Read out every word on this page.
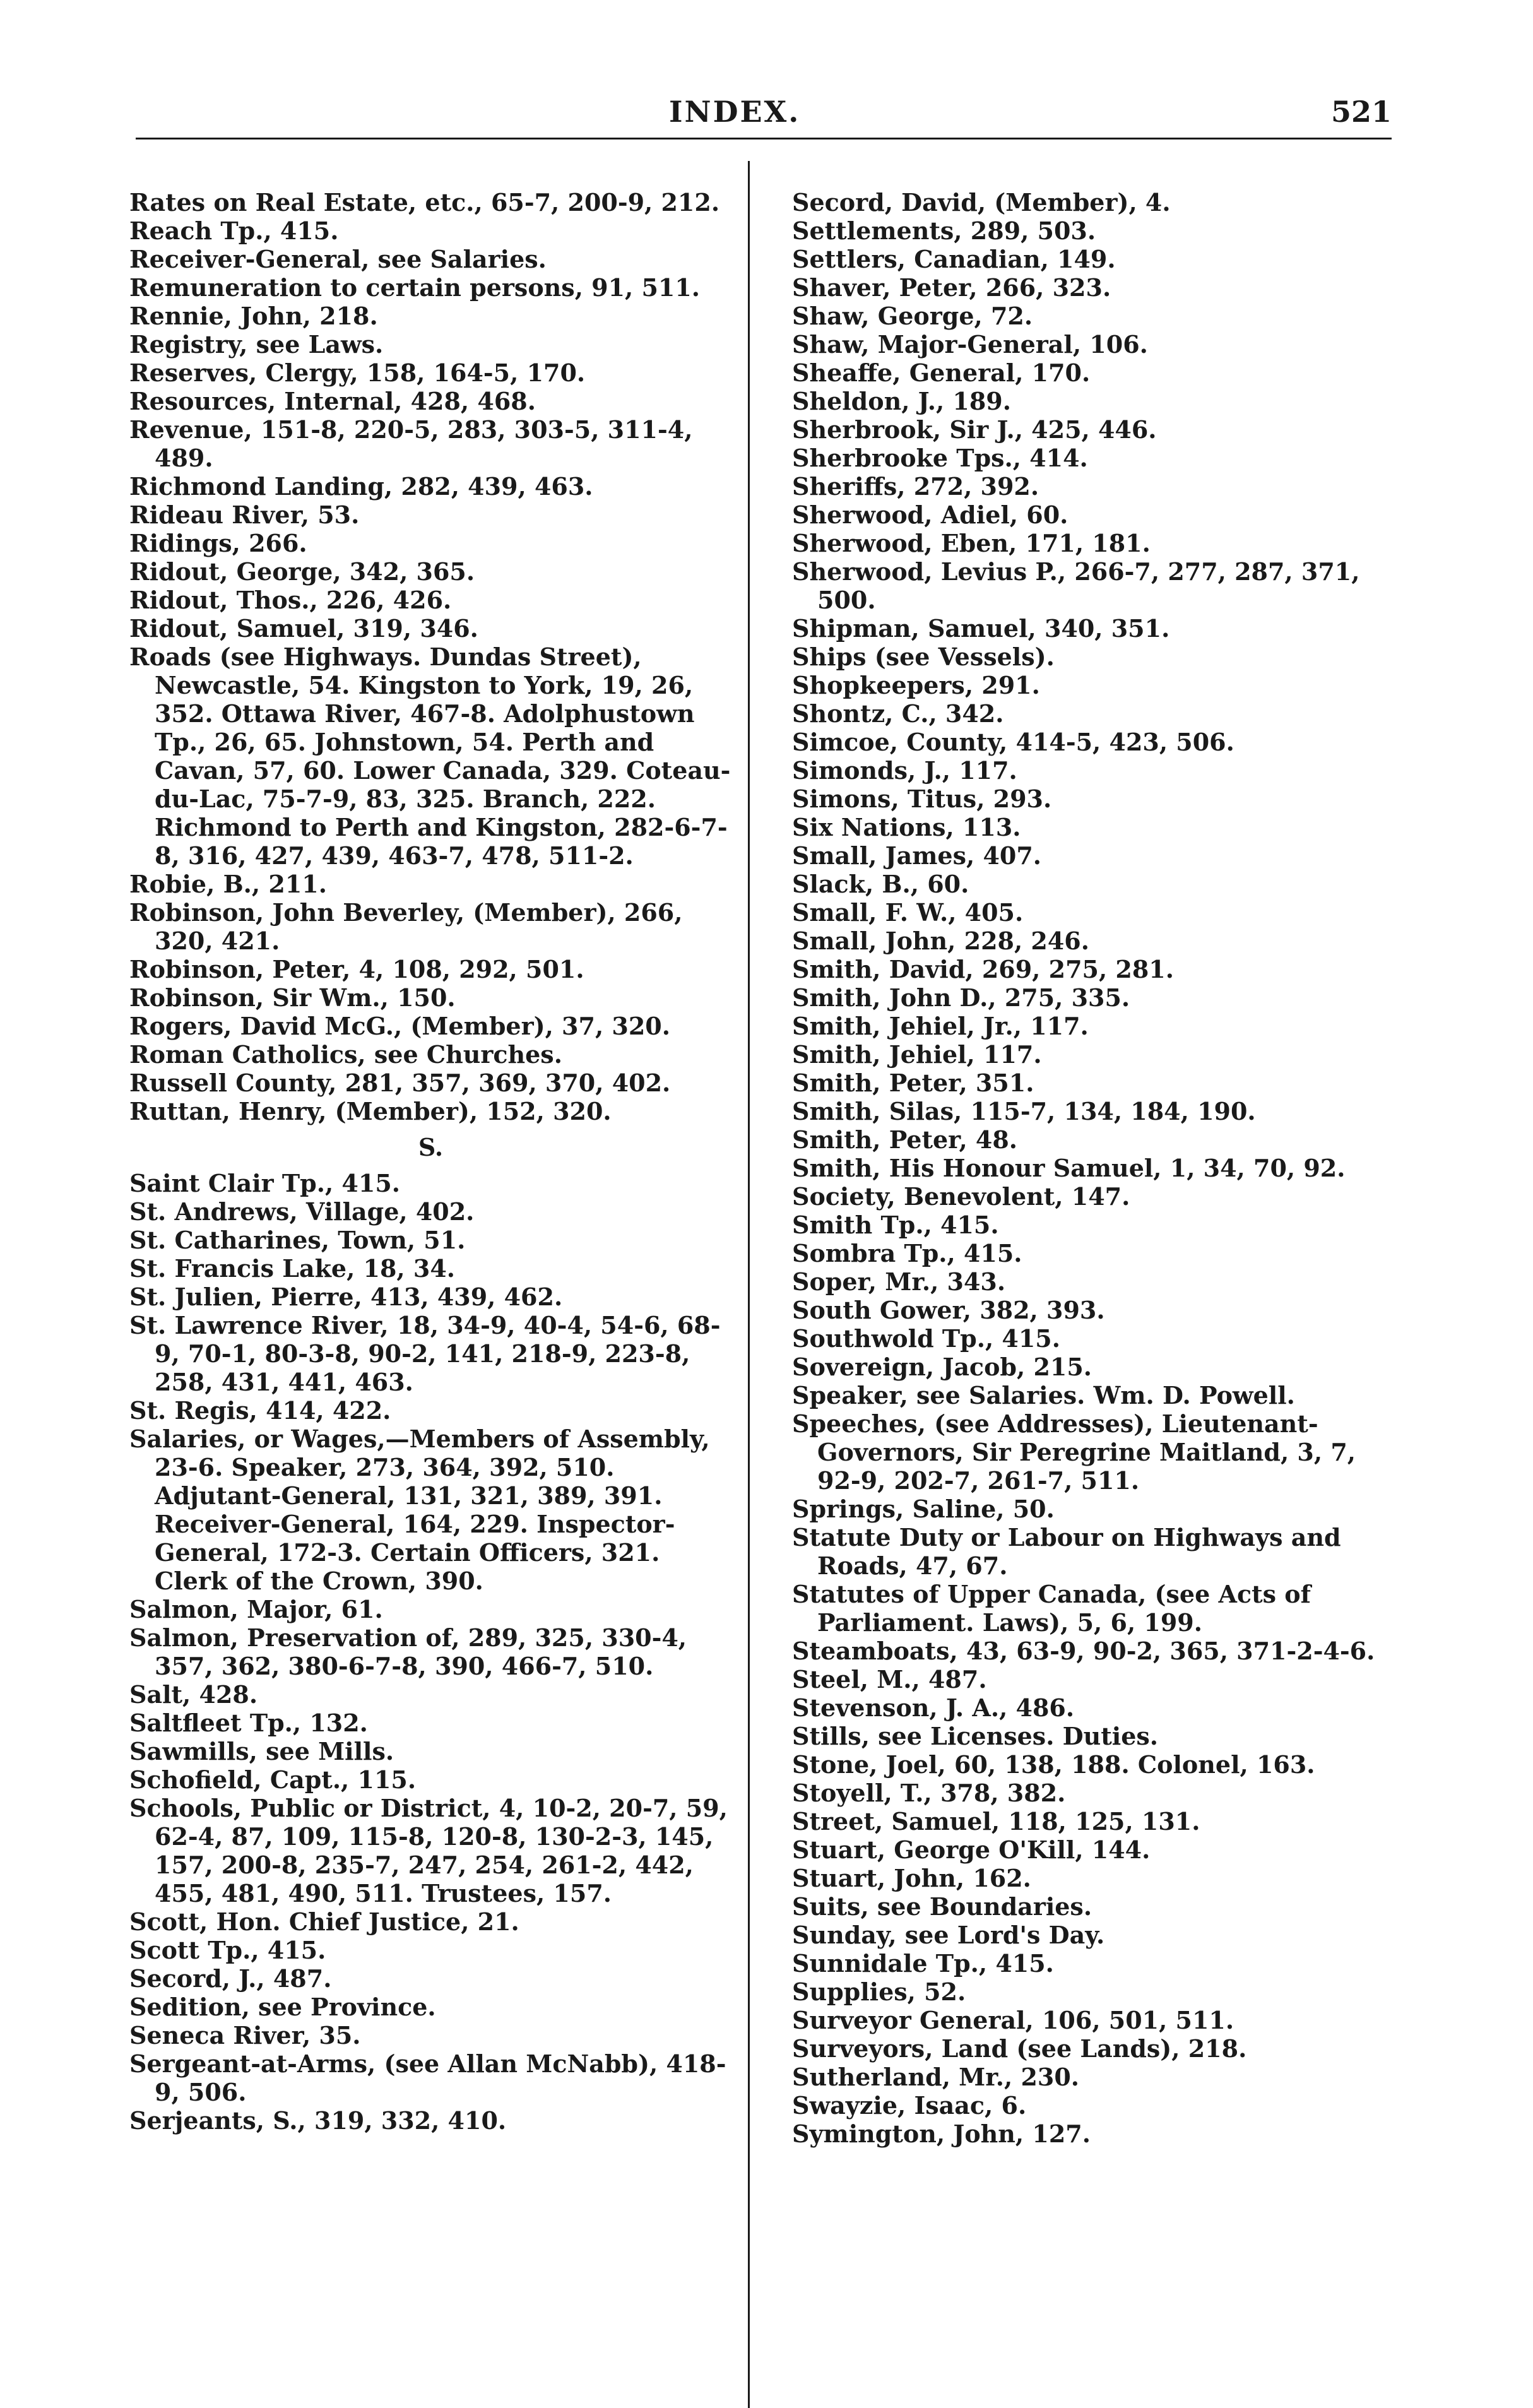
INDEX.	521
Rates on Real Estate, etc., 65-7, 200-9, 212.
Reach Tp., 415.
Receiver-General, see Salaries.
Remuneration to certain persons, 91, 511.
Rennie, John, 218.
Registry, see Laws.
Reserves, Clergy, 158, 164-5, 170.
Resources, Internal, 428, 468.
Revenue, 151-8, 220-5, 283, 303-5, 311-4, 489.
Richmond Landing, 282, 439, 463.
Rideau River, 53.
Ridings, 266.
Ridout, George, 342, 365.
Ridout, Thos., 226, 426.
Ridout, Samuel, 319, 346.
Roads (see Highways. Dundas Street), Newcastle, 54. Kingston to York, 19, 26, 352. Ottawa River, 467-8. Adolphustown Tp., 26, 65. Johnstown, 54. Perth and Cavan, 57, 60. Lower Canada, 329. Coteau-du-Lac, 75-7-9, 83, 325. Branch, 222. Richmond to Perth and Kingston, 282-6-7-8, 316, 427, 439, 463-7, 478, 511-2.
Robie, B., 211.
Robinson, John Beverley, (Member), 266, 320, 421.
Robinson, Peter, 4, 108, 292, 501.
Robinson, Sir Wm., 150.
Rogers, David McG., (Member), 37, 320.
Roman Catholics, see Churches.
Russell County, 281, 357, 369, 370, 402.
Ruttan, Henry, (Member), 152, 320.
S.
Saint Clair Tp., 415.
St. Andrews, Village, 402.
St. Catharines, Town, 51.
St. Francis Lake, 18, 34.
St. Julien, Pierre, 413, 439, 462.
St. Lawrence River, 18, 34-9, 40-4, 54-6, 68-9, 70-1, 80-3-8, 90-2, 141, 218-9, 223-8, 258, 431, 441, 463.
St. Regis, 414, 422.
Salaries, or Wages,—Members of Assembly, 23-6. Speaker, 273, 364, 392, 510. Adjutant-General, 131, 321, 389, 391. Receiver-General, 164, 229. Inspector-General, 172-3. Certain Officers, 321. Clerk of the Crown, 390.
Salmon, Major, 61.
Salmon, Preservation of, 289, 325, 330-4, 357, 362, 380-6-7-8, 390, 466-7, 510.
Salt, 428.
Saltfleet Tp., 132.
Sawmills, see Mills.
Schofield, Capt., 115.
Schools, Public or District, 4, 10-2, 20-7, 59, 62-4, 87, 109, 115-8, 120-8, 130-2-3, 145, 157, 200-8, 235-7, 247, 254, 261-2, 442, 455, 481, 490, 511. Trustees, 157.
Scott, Hon. Chief Justice, 21.
Scott Tp., 415.
Secord, J., 487.
Sedition, see Province.
Seneca River, 35.
Sergeant-at-Arms, (see Allan McNabb), 418-9, 506.
Serjeants, S., 319, 332, 410.
Secord, David, (Member), 4.
Settlements, 289, 503.
Settlers, Canadian, 149.
Shaver, Peter, 266, 323.
Shaw, George, 72.
Shaw, Major-General, 106.
Sheaffe, General, 170.
Sheldon, J., 189.
Sherbrook, Sir J., 425, 446.
Sherbrooke Tps., 414.
Sheriffs, 272, 392.
Sherwood, Adiel, 60.
Sherwood, Eben, 171, 181.
Sherwood, Levius P., 266-7, 277, 287, 371, 500.
Shipman, Samuel, 340, 351.
Ships (see Vessels).
Shopkeepers, 291.
Shontz, C., 342.
Simcoe, County, 414-5, 423, 506.
Simonds, J., 117.
Simons, Titus, 293.
Six Nations, 113.
Small, James, 407.
Slack, B., 60.
Small, F. W., 405.
Small, John, 228, 246.
Smith, David, 269, 275, 281.
Smith, John D., 275, 335.
Smith, Jehiel, Jr., 117.
Smith, Jehiel, 117.
Smith, Peter, 351.
Smith, Silas, 115-7, 134, 184, 190.
Smith, Peter, 48.
Smith, His Honour Samuel, 1, 34, 70, 92.
Society, Benevolent, 147.
Smith Tp., 415.
Sombra Tp., 415.
Soper, Mr., 343.
South Gower, 382, 393.
Southwold Tp., 415.
Sovereign, Jacob, 215.
Speaker, see Salaries. Wm. D. Powell.
Speeches, (see Addresses), Lieutenant-Governors, Sir Peregrine Maitland, 3, 7, 92-9, 202-7, 261-7, 511.
Springs, Saline, 50.
Statute Duty or Labour on Highways and Roads, 47, 67.
Statutes of Upper Canada, (see Acts of Parliament. Laws), 5, 6, 199.
Steamboats, 43, 63-9, 90-2, 365, 371-2-4-6.
Steel, M., 487.
Stevenson, J. A., 486.
Stills, see Licenses. Duties.
Stone, Joel, 60, 138, 188. Colonel, 163.
Stoyell, T., 378, 382.
Street, Samuel, 118, 125, 131.
Stuart, George O'Kill, 144.
Stuart, John, 162.
Suits, see Boundaries.
Sunday, see Lord's Day.
Sunnidale Tp., 415.
Supplies, 52.
Surveyor General, 106, 501, 511.
Surveyors, Land (see Lands), 218.
Sutherland, Mr., 230.
Swayzie, Isaac, 6.
Symington, John, 127.
